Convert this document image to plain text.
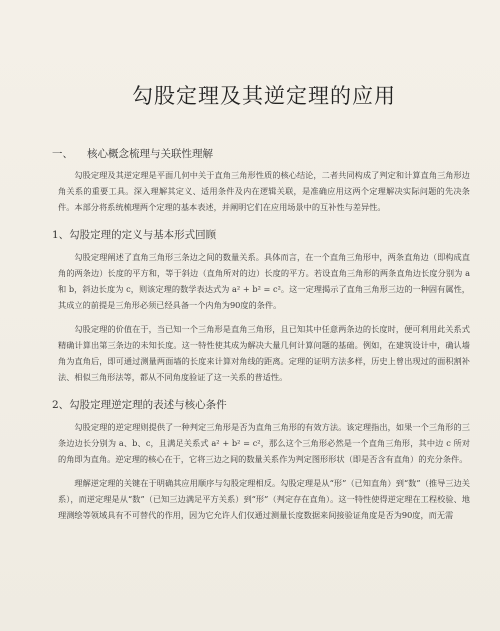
勾股定理及其逆定理的应用
一、 核心概念梳理与关联性理解

勾股定理及其逆定理是平面几何中关于直角三角形性质的核心结论，二者共同构成了判定和计算直角三角形边角关系的重要工具。深入理解其定义、适用条件及内在逻辑关联，是准确应用这两个定理解决实际问题的先决条件。本部分将系统梳理两个定理的基本表述，并阐明它们在应用场景中的互补性与差异性。

1、勾股定理的定义与基本形式回顾

勾股定理阐述了直角三角形三条边之间的数量关系。具体而言，在一个直角三角形中，两条直角边（即构成直角的两条边）长度的平方和，等于斜边（直角所对的边）长度的平方。若设直角三角形的两条直角边长度分别为 a 和 b，斜边长度为 c，则该定理的数学表达式为 a² + b² = c²。这一定理揭示了直角三角形三边的一种固有属性，其成立的前提是三角形必须已经具备一个内角为90度的条件。

勾股定理的价值在于，当已知一个三角形是直角三角形，且已知其中任意两条边的长度时，便可利用此关系式精确计算出第三条边的未知长度。这一特性使其成为解决大量几何计算问题的基础。例如，在建筑设计中，确认墙角为直角后，即可通过测量两面墙的长度来计算对角线的距离。定理的证明方法多样，历史上曾出现过的面积割补法、相似三角形法等，都从不同角度验证了这一关系的普适性。

2、勾股定理逆定理的表述与核心条件

勾股定理的逆定理则提供了一种判定三角形是否为直角三角形的有效方法。该定理指出，如果一个三角形的三条边边长分别为 a、b、c，且满足关系式 a² + b² = c²，那么这个三角形必然是一个直角三角形，其中边 c 所对的角即为直角。逆定理的核心在于，它将三边之间的数量关系作为判定图形形状（即是否含有直角）的充分条件。

理解逆定理的关键在于明确其应用顺序与勾股定理相反。勾股定理是从“形”（已知直角）到“数”（推导三边关系），而逆定理是从“数”（已知三边满足平方关系）到“形”（判定存在直角）。这一特性使得逆定理在工程校验、地理测绘等领域具有不可替代的作用，因为它允许人们仅通过测量长度数据来间接验证角度是否为90度，而无需
